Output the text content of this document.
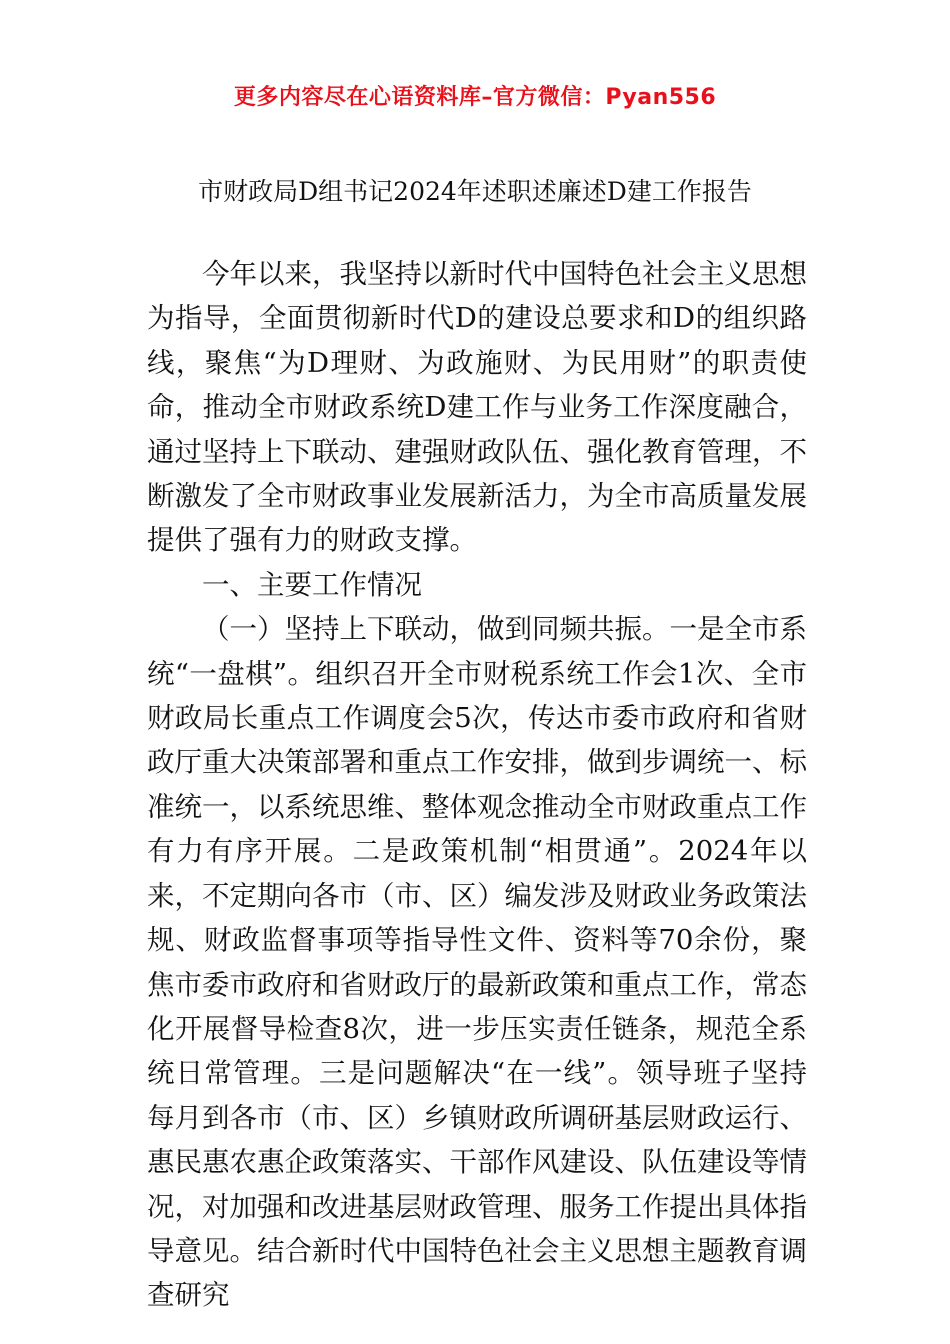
更多内容尽在心语资料库–官方微信：Pyan556
市财政局D组书记2024年述职述廉述D建工作报告

今年以来，我坚持以新时代中国特色社会主义思想为指导，全面贯彻新时代D的建设总要求和D的组织路线，聚焦“为D理财、为政施财、为民用财”的职责使命，推动全市财政系统D建工作与业务工作深度融合，通过坚持上下联动、建强财政队伍、强化教育管理，不断激发了全市财政事业发展新活力，为全市高质量发展提供了强有力的财政支撑。

一、主要工作情况

（一）坚持上下联动，做到同频共振。一是全市系统“一盘棋”。组织召开全市财税系统工作会1次、全市财政局长重点工作调度会5次，传达市委市政府和省财政厅重大决策部署和重点工作安排，做到步调统一、标准统一，以系统思维、整体观念推动全市财政重点工作有力有序开展。二是政策机制“相贯通”。2024年以来，不定期向各市（市、区）编发涉及财政业务政策法规、财政监督事项等指导性文件、资料等70余份，聚焦市委市政府和省财政厅的最新政策和重点工作，常态化开展督导检查8次，进一步压实责任链条，规范全系统日常管理。三是问题解决“在一线”。领导班子坚持每月到各市（市、区）乡镇财政所调研基层财政运行、惠民惠农惠企政策落实、干部作风建设、队伍建设等情况，对加强和改进基层财政管理、服务工作提出具体指导意见。结合新时代中国特色社会主义思想主题教育调查研究
